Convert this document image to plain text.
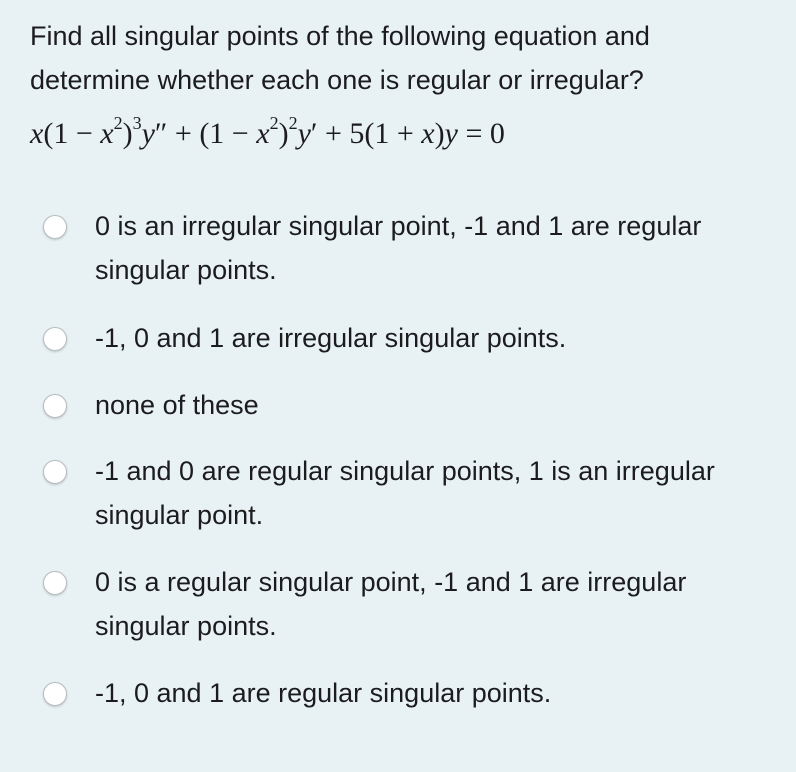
Find all singular points of the following equation and determine whether each one is regular or irregular?
$x(1 - x^2)^3y'' + (1 - x^2)^2y' + 5(1 + x)y = 0$
0 is an irregular singular point, -1 and 1 are regular singular points.
-1, 0 and 1 are irregular singular points.
none of these
-1 and 0 are regular singular points, 1 is an irregular singular point.
0 is a regular singular point, -1 and 1 are irregular singular points.
-1, 0 and 1 are regular singular points.
